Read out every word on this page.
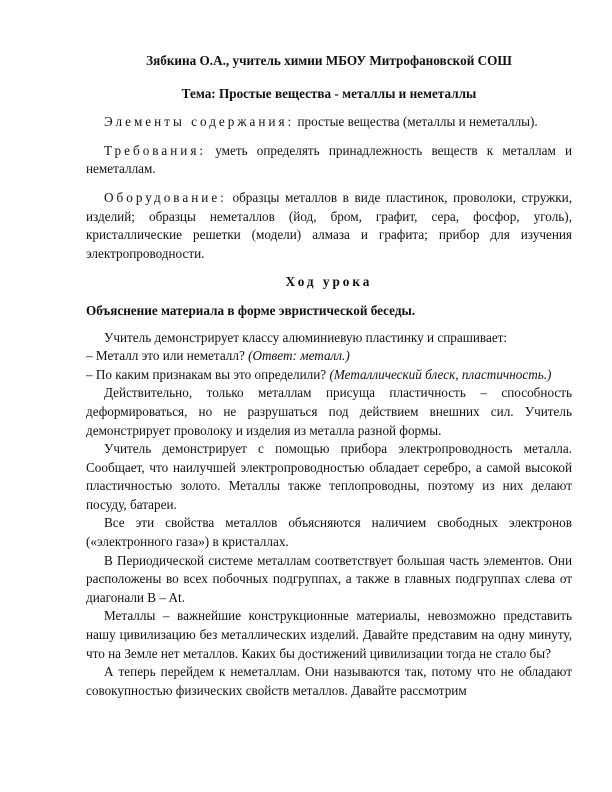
Зябкина О.А., учитель химии МБОУ Митрофановской СОШ

Тема: Простые вещества - металлы и неметаллы

Элементы содержания: простые вещества (металлы и неметаллы).

Требования: уметь определять принадлежность веществ к металлам и неметаллам.

Оборудование: образцы металлов в виде пластинок, проволоки, стружки, изделий; образцы неметаллов (йод, бром, графит, сера, фосфор, уголь), кристаллические решетки (модели) алмаза и графита; прибор для изучения электропроводности.

Ход урока

Объяснение материала в форме эвристической беседы.

Учитель демонстрирует классу алюминиевую пластинку и спрашивает:

– Металл это или неметалл? (Ответ: металл.)

– По каким признакам вы это определили? (Металлический блеск, пластичность.)

Действительно, только металлам присуща пластичность – способность деформироваться, но не разрушаться под действием внешних сил. Учитель демонстрирует проволоку и изделия из металла разной формы.

Учитель демонстрирует с помощью прибора электропроводность металла. Сообщает, что наилучшей электропроводностью обладает серебро, а самой высокой пластичностью золото. Металлы также теплопроводны, поэтому из них делают посуду, батареи.

Все эти свойства металлов объясняются наличием свободных электронов («электронного газа») в кристаллах.

В Периодической системе металлам соответствует большая часть элементов. Они расположены во всех побочных подгруппах, а также в главных подгруппах слева от диагонали B – At.

Металлы – важнейшие конструкционные материалы, невозможно представить нашу цивилизацию без металлических изделий. Давайте представим на одну минуту, что на Земле нет металлов. Каких бы достижений цивилизации тогда не стало бы?

А теперь перейдем к неметаллам. Они называются так, потому что не обладают совокупностью физических свойств металлов. Давайте рассмотрим
